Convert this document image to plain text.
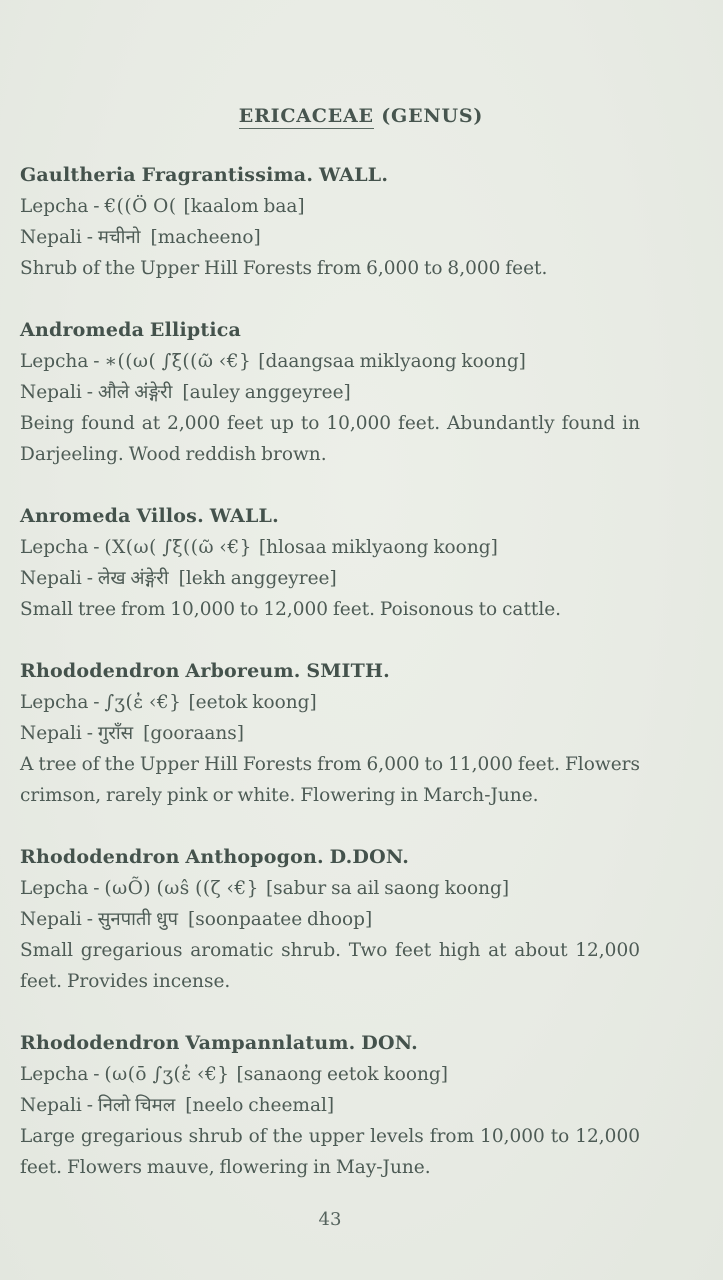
ERICACEAE (GENUS)
Gaultheria Fragrantissima. WALL.

Lepcha - €((Ö O( [kaalom baa]

Nepali - मचीनो [macheeno]

Shrub of the Upper Hill Forests from 6,000 to 8,000 feet.

Andromeda Elliptica

Lepcha - ∗((ω( ∫ξ̄((ῶ ‹€} [daangsaa miklyaong koong]

Nepali - औले अंङ्गेरी [auley anggeyree]

Being found at 2,000 feet up to 10,000 feet. Abundantly found in Darjeeling. Wood reddish brown.

Anromeda Villos. WALL.

Lepcha - (Χ(ω( ∫ξ̄((ῶ ‹€} [hlosaa miklyaong koong]

Nepali - लेख अंङ्गेरी [lekh anggeyree]

Small tree from 10,000 to 12,000 feet. Poisonous to cattle.

Rhododendron Arboreum. SMITH.

Lepcha - ∫ʒ(ἐ ‹€} [eetok koong]

Nepali - गुराँस [gooraans]

A tree of the Upper Hill Forests from 6,000 to 11,000 feet. Flowers crimson, rarely pink or white. Flowering in March-June.

Rhododendron Anthopogon. D.DON.

Lepcha - (ωÕ) (ωŝ ((ζ ‹€} [sabur sa ail saong koong]

Nepali - सुनपाती धुप [soonpaatee dhoop]

Small gregarious aromatic shrub. Two feet high at about 12,000 feet. Provides incense.

Rhododendron Vampannlatum. DON.

Lepcha - (ω(ō ∫ʒ(ἐ ‹€} [sanaong eetok koong]

Nepali - निलो चिमल [neelo cheemal]

Large gregarious shrub of the upper levels from 10,000 to 12,000 feet. Flowers mauve, flowering in May-June.

43
